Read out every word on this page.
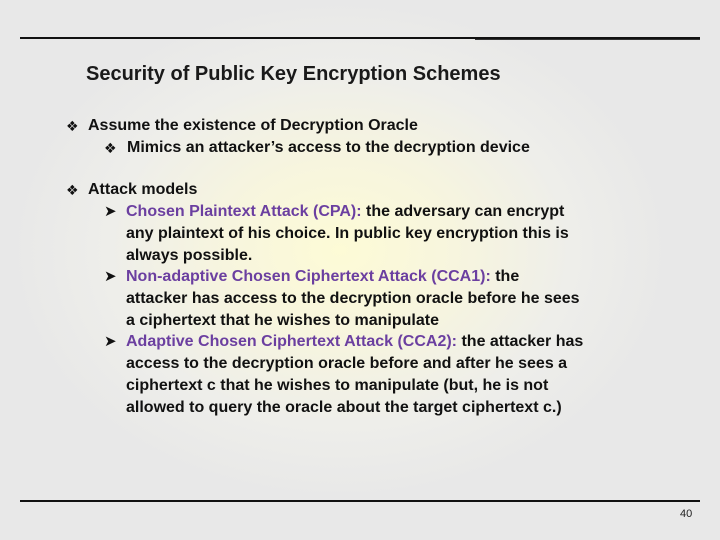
Security of Public Key Encryption Schemes
❖ Assume the existence of Decryption Oracle
❖ Mimics an attacker’s access to the decryption device
❖ Attack models
➤ Chosen Plaintext Attack (CPA): the adversary can encrypt
any plaintext of his choice. In public key encryption this is
always possible.
➤ Non-adaptive Chosen Ciphertext Attack (CCA1): the
attacker has access to the decryption oracle before he sees
a ciphertext that he wishes to manipulate
➤ Adaptive Chosen Ciphertext Attack (CCA2): the attacker has
access to the decryption oracle before and after he sees a
ciphertext c that he wishes to manipulate (but, he is not
allowed to query the oracle about the target ciphertext c.)
40
